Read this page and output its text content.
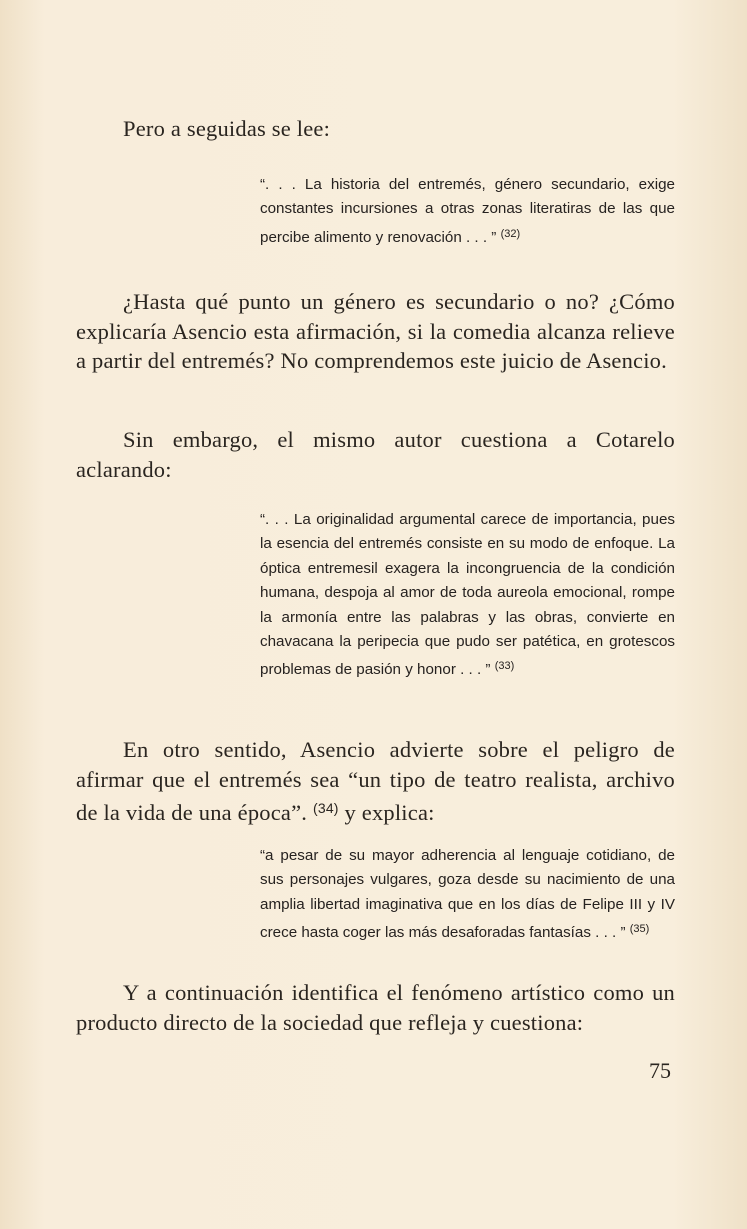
Pero a seguidas se lee:

“. . . La historia del entremés, género secundario, exige constantes incursiones a otras zonas literatiras de las que percibe alimento y renovación . . . ” $^{(32)}$

¿Hasta qué punto un género es secundario o no? ¿Cómo explicaría Asencio esta afirmación, si la comedia alcanza relieve a partir del entremés? No comprendemos este juicio de Asencio.

Sin embargo, el mismo autor cuestiona a Cotarelo aclarando:

“. . . La originalidad argumental carece de importancia, pues la esencia del entremés consiste en su modo de enfoque. La óptica entremesil exagera la incongruencia de la condición humana, despoja al amor de toda aureola emocional, rompe la armonía entre las palabras y las obras, convierte en chavacana la peripecia que pudo ser patética, en grotescos problemas de pasión y honor . . . ” $^{(33)}$

En otro sentido, Asencio advierte sobre el peligro de afirmar que el entremés sea “un tipo de teatro realista, archivo de la vida de una época”. $^{(34)}$ y explica:

“a pesar de su mayor adherencia al lenguaje cotidiano, de sus personajes vulgares, goza desde su nacimiento de una amplia libertad imaginativa que en los días de Felipe III y IV crece hasta coger las más desaforadas fantasías . . . ” $^{(35)}$

Y a continuación identifica el fenómeno artístico como un producto directo de la sociedad que refleja y cuestiona:

75
